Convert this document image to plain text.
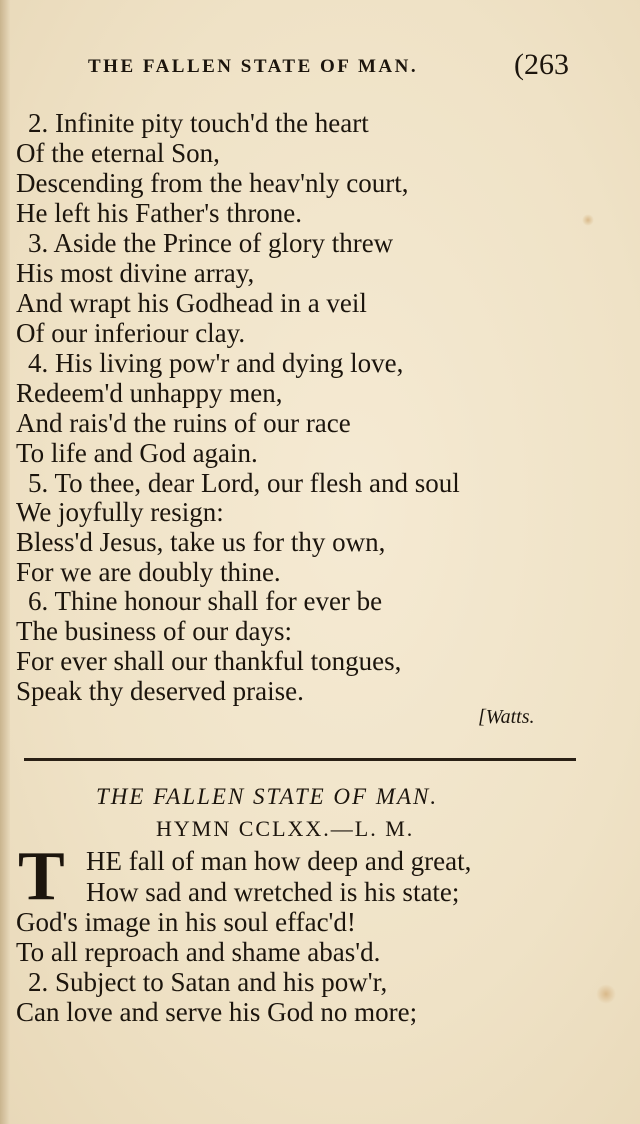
THE FALLEN STATE OF MAN.	(263
2. Infinite pity touch'd the heart
Of the eternal Son,
Descending from the heav'nly court,
He left his Father's throne.
3. Aside the Prince of glory threw
His most divine array,
And wrapt his Godhead in a veil
Of our inferiour clay.
4. His living pow'r and dying love,
Redeem'd unhappy men,
And rais'd the ruins of our race
To life and God again.
5. To thee, dear Lord, our flesh and soul
We joyfully resign:
Bless'd Jesus, take us for thy own,
For we are doubly thine.
6. Thine honour shall for ever be
The business of our days:
For ever shall our thankful tongues,
Speak thy deserved praise.
[Watts.
THE FALLEN STATE OF MAN.
HYMN CCLXX.—L. M.
T HE fall of man how deep and great,
How sad and wretched is his state;
God's image in his soul effac'd!
To all reproach and shame abas'd.
2. Subject to Satan and his pow'r,
Can love and serve his God no more;
